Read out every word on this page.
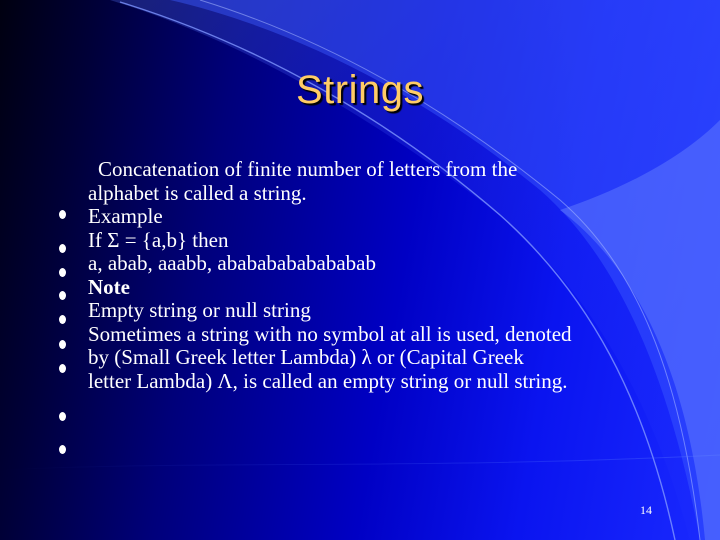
Strings
Concatenation of finite number of letters from the
alphabet is called a string.
Example
If Σ = {a,b} then
a, abab, aaabb, abababababababab
Note
Empty string or null string
Sometimes a string with no symbol at all is used, denoted
by (Small Greek letter Lambda) λ or (Capital Greek
letter Lambda) Λ, is called an empty string or null string.
14
